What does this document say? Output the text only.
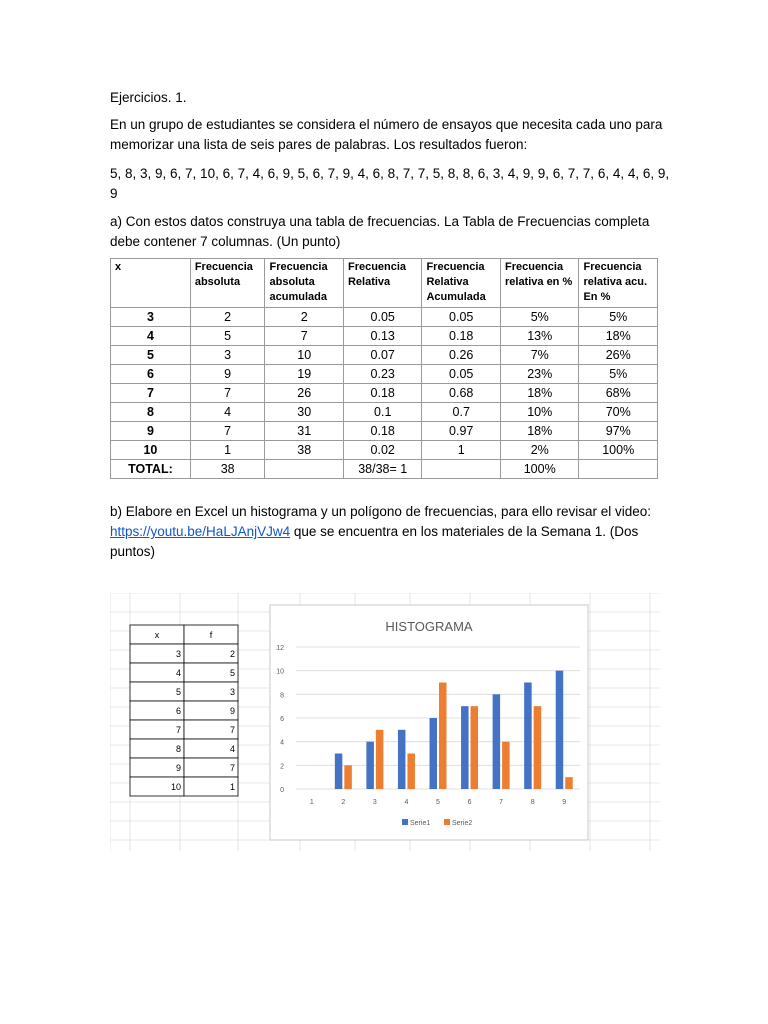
Ejercicios. 1.
En un grupo de estudiantes se considera el número de ensayos que necesita cada uno para memorizar una lista de seis pares de palabras. Los resultados fueron:
5, 8, 3, 9, 6, 7, 10, 6, 7, 4, 6, 9, 5, 6, 7, 9, 4, 6, 8, 7, 7, 5, 8, 8, 6, 3, 4, 9, 9, 6, 7, 7, 6, 4, 4, 6, 9, 9
a) Con estos datos construya una tabla de frecuencias. La Tabla de Frecuencias completa debe contener 7 columnas. (Un punto)
x	Frecuencia absoluta	Frecuencia absoluta acumulada	Frecuencia Relativa	Frecuencia Relativa Acumulada	Frecuencia relativa en %	Frecuencia relativa acu. En %
3	2	2	0.05	0.05	5%	5%
4	5	7	0.13	0.18	13%	18%
5	3	10	0.07	0.26	7%	26%
6	9	19	0.23	0.05	23%	5%
7	7	26	0.18	0.68	18%	68%
8	4	30	0.1	0.7	10%	70%
9	7	31	0.18	0.97	18%	97%
10	1	38	0.02	1	2%	100%
TOTAL:	38		38/38= 1		100%	
b) Elabore en Excel un histograma y un polígono de frecuencias, para ello revisar el video: https://youtu.be/HaLJAnjVJw4 que se encuentra en los materiales de la Semana 1. (Dos puntos)
x	f
3	2
4	5
5	3
6	9
7	7
8	4
9	7
10	1
HISTOGRAMA
0
2
4
6
8
10
12
1	2	3	4	5	6	7	8	9
Serie1	Serie2
